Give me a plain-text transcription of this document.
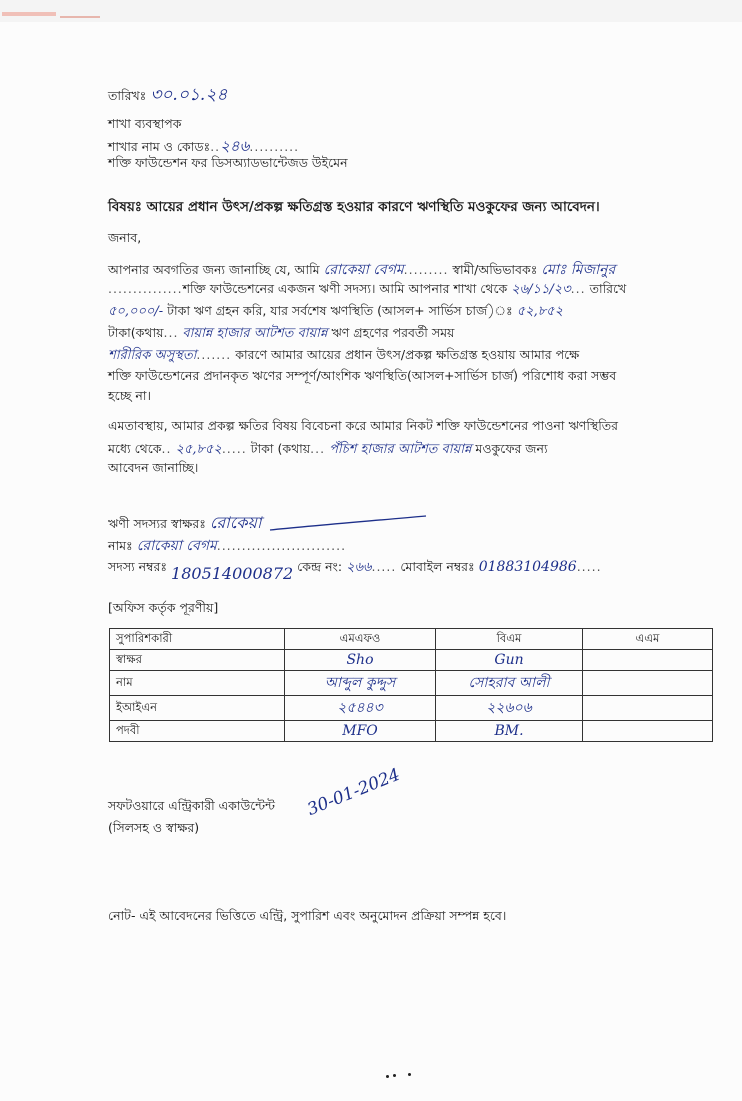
তারিখঃ ৩০.০১.২৪
শাখা ব্যবস্থাপক
শাখার নাম ও কোডঃ..২৪৬..........
শক্তি ফাউন্ডেশন ফর ডিসঅ্যাডভান্টেজড উইমেন
বিষয়ঃ আয়ের প্রধান উৎস/প্রকল্প ক্ষতিগ্রস্ত হওয়ার কারণে ঋণস্থিতি মওকুফের জন্য আবেদন।
জনাব,
আপনার অবগতির জন্য জানাচ্ছি যে, আমি রোকেয়া বেগম......... স্বামী/অভিভাবকঃ মোঃ মিজানুর
...............শক্তি ফাউন্ডেশনের একজন ঋণী সদস্য। আমি আপনার শাখা থেকে ২৬/১১/২৩... তারিখে
৫০,০০০/- টাকা ঋণ গ্রহন করি, যার সর্বশেষ ঋণস্থিতি (আসল+ সার্ভিস চার্জ)ঃ ৫২,৮৫২
টাকা(কথায়... বায়ান্ন হাজার আটশত বায়ান্ন ঋণ গ্রহণের পরবর্তী সময়
শারীরিক অসুস্থতা....... কারণে আমার আয়ের প্রধান উৎস/প্রকল্প ক্ষতিগ্রস্ত হওয়ায় আমার পক্ষে
শক্তি ফাউন্ডেশনের প্রদানকৃত ঋণের সম্পূর্ণ/আংশিক ঋণস্থিতি(আসল+সার্ভিস চার্জ) পরিশোধ করা সম্ভব
হচ্ছে না।
এমতাবস্থায়, আমার প্রকল্প ক্ষতির বিষয় বিবেচনা করে আমার নিকট শক্তি ফাউন্ডেশনের পাওনা ঋণস্থিতির
মধ্যে থেকে.. ২৫,৮৫২..... টাকা (কথায়... পঁচিশ হাজার আটশত বায়ান্ন মওকুফের জন্য
আবেদন জানাচ্ছি।
ঋণী সদস্যর স্বাক্ষরঃ রোকেয়া
নামঃ রোকেয়া বেগম..........................
সদস্য নম্বরঃ 180514000872 কেন্দ্র নং: ২৬৬..... মোবাইল নম্বরঃ 01883104986.....
[অফিস কর্তৃক পূরণীয়]
সুপারিশকারী	এমএফও	বিএম	এএম
স্বাক্ষর	Sho	Gun	
নাম	আব্দুল কুদ্দুস	সোহরাব আলী	
ইআইএন	২৫৪৪৩	২২৬০৬	
পদবী	MFO	BM.	
সফটওয়ারে এন্ট্রিকারী একাউন্টেন্ট
(সিলসহ ও স্বাক্ষর)
30-01-2024
নোট- এই আবেদনের ভিত্তিতে এন্ট্রি, সুপারিশ এবং অনুমোদন প্রক্রিয়া সম্পন্ন হবে।
